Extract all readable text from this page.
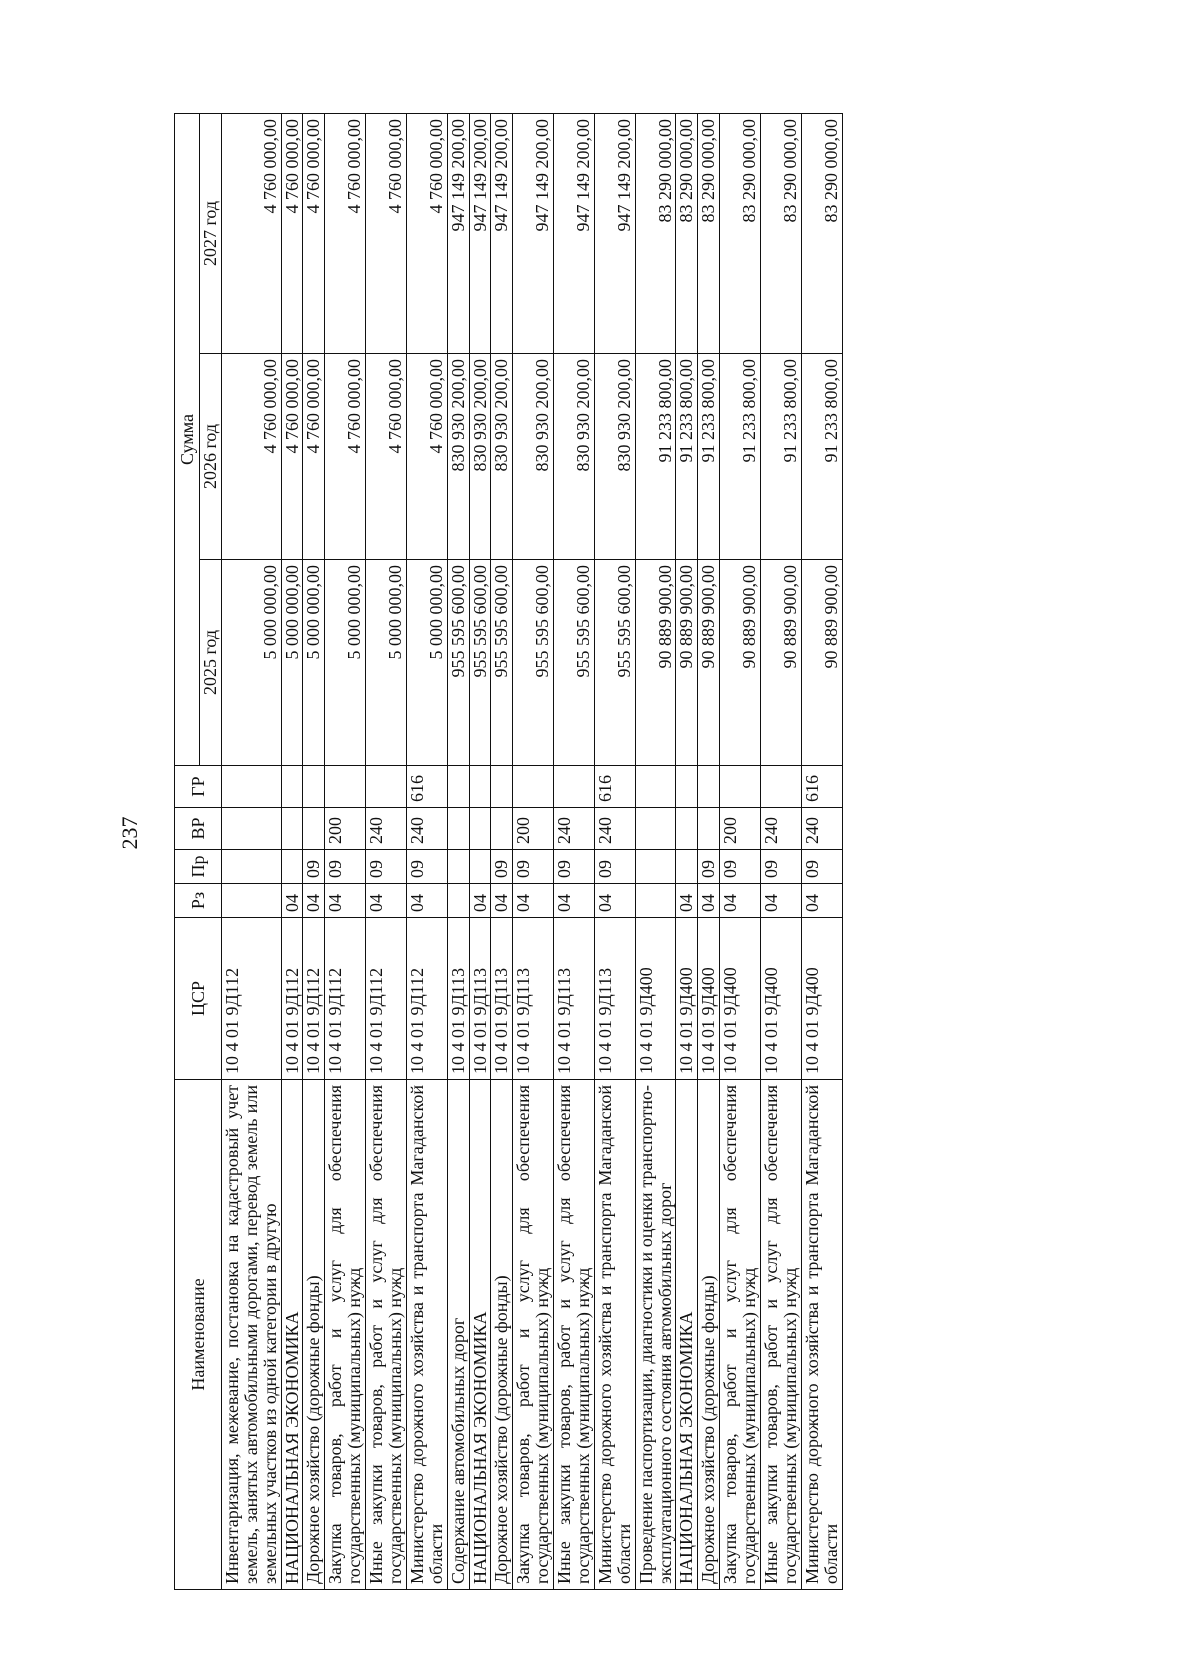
237
Наименование	ЦСР	Рз	Пр	ВР	ГР	Сумма		
						2025 год	2026 год	2027 год
Инвентаризация, межевание, постановка на кадастровый учет земель, занятых автомобильными дорогами, перевод земель или земельных участков из одной категории в другую	10 4 01 9Д112					5 000 000,00	4 760 000,00	4 760 000,00
НАЦИОНАЛЬНАЯ ЭКОНОМИКА	10 4 01 9Д112	04				5 000 000,00	4 760 000,00	4 760 000,00
Дорожное хозяйство (дорожные фонды)	10 4 01 9Д112	04	09			5 000 000,00	4 760 000,00	4 760 000,00
Закупка товаров, работ и услуг для обеспечения государственных (муниципальных) нужд	10 4 01 9Д112	04	09	200		5 000 000,00	4 760 000,00	4 760 000,00
Иные закупки товаров, работ и услуг для обеспечения государственных (муниципальных) нужд	10 4 01 9Д112	04	09	240		5 000 000,00	4 760 000,00	4 760 000,00
Министерство дорожного хозяйства и транспорта Магаданской области	10 4 01 9Д112	04	09	240	616	5 000 000,00	4 760 000,00	4 760 000,00
Содержание автомобильных дорог	10 4 01 9Д113					955 595 600,00	830 930 200,00	947 149 200,00
НАЦИОНАЛЬНАЯ ЭКОНОМИКА	10 4 01 9Д113	04				955 595 600,00	830 930 200,00	947 149 200,00
Дорожное хозяйство (дорожные фонды)	10 4 01 9Д113	04	09			955 595 600,00	830 930 200,00	947 149 200,00
Закупка товаров, работ и услуг для обеспечения государственных (муниципальных) нужд	10 4 01 9Д113	04	09	200		955 595 600,00	830 930 200,00	947 149 200,00
Иные закупки товаров, работ и услуг для обеспечения государственных (муниципальных) нужд	10 4 01 9Д113	04	09	240		955 595 600,00	830 930 200,00	947 149 200,00
Министерство дорожного хозяйства и транспорта Магаданской области	10 4 01 9Д113	04	09	240	616	955 595 600,00	830 930 200,00	947 149 200,00
Проведение паспортизации, диагностики и оценки транспортно-эксплуатационного состояния автомобильных дорог	10 4 01 9Д400					90 889 900,00	91 233 800,00	83 290 000,00
НАЦИОНАЛЬНАЯ ЭКОНОМИКА	10 4 01 9Д400	04				90 889 900,00	91 233 800,00	83 290 000,00
Дорожное хозяйство (дорожные фонды)	10 4 01 9Д400	04	09			90 889 900,00	91 233 800,00	83 290 000,00
Закупка товаров, работ и услуг для обеспечения государственных (муниципальных) нужд	10 4 01 9Д400	04	09	200		90 889 900,00	91 233 800,00	83 290 000,00
Иные закупки товаров, работ и услуг для обеспечения государственных (муниципальных) нужд	10 4 01 9Д400	04	09	240		90 889 900,00	91 233 800,00	83 290 000,00
Министерство дорожного хозяйства и транспорта Магаданской области	10 4 01 9Д400	04	09	240	616	90 889 900,00	91 233 800,00	83 290 000,00
